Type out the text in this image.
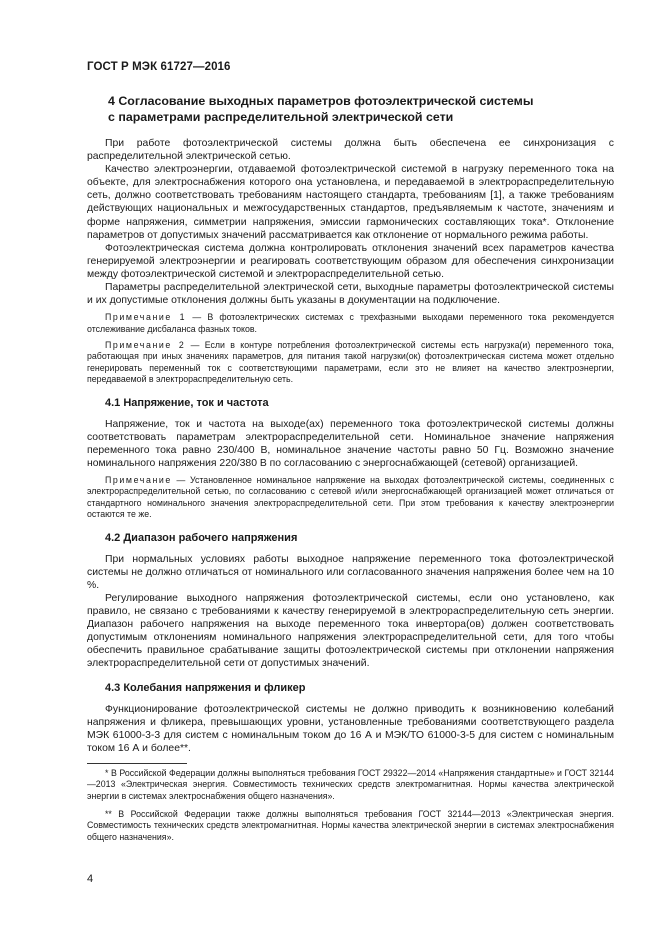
ГОСТ Р МЭК 61727—2016
4 Согласование выходных параметров фотоэлектрической системы
с параметрами распределительной электрической сети

При работе фотоэлектрической системы должна быть обеспечена ее синхронизация с распределительной электрической сетью.

Качество электроэнергии, отдаваемой фотоэлектрической системой в нагрузку переменного тока на объекте, для электроснабжения которого она установлена, и передаваемой в электрораспределительную сеть, должно соответствовать требованиям настоящего стандарта, требованиям [1], а также требованиям действующих национальных и межгосударственных стандартов, предъявляемым к частоте, значениям и форме напряжения, симметрии напряжения, эмиссии гармонических составляющих тока*. Отклонение параметров от допустимых значений рассматривается как отклонение от нормального режима работы.

Фотоэлектрическая система должна контролировать отклонения значений всех параметров качества генерируемой электроэнергии и реагировать соответствующим образом для обеспечения синхронизации между фотоэлектрической системой и электрораспределительной сетью.

Параметры распределительной электрической сети, выходные параметры фотоэлектрической системы и их допустимые отклонения должны быть указаны в документации на подключение.

Примечание 1 — В фотоэлектрических системах с трехфазными выходами переменного тока рекомендуется отслеживание дисбаланса фазных токов.

Примечание 2 — Если в контуре потребления фотоэлектрической системы есть нагрузка(и) переменного тока, работающая при иных значениях параметров, для питания такой нагрузки(ок) фотоэлектрическая система может отдельно генерировать переменный ток с соответствующими параметрами, если это не влияет на качество электроэнергии, передаваемой в электрораспределительную сеть.

4.1 Напряжение, ток и частота

Напряжение, ток и частота на выходе(ах) переменного тока фотоэлектрической системы должны соответствовать параметрам электрораспределительной сети. Номинальное значение напряжения переменного тока равно 230/400 В, номинальное значение частоты равно 50 Гц. Возможно значение номинального напряжения 220/380 В по согласованию с энергоснабжающей (сетевой) организацией.

Примечание — Установленное номинальное напряжение на выходах фотоэлектрической системы, соединенных с электрораспределительной сетью, по согласованию с сетевой и/или энергоснабжающей организацией может отличаться от стандартного номинального значения электрораспределительной сети. При этом требования к качеству электроэнергии остаются те же.

4.2 Диапазон рабочего напряжения

При нормальных условиях работы выходное напряжение переменного тока фотоэлектрической системы не должно отличаться от номинального или согласованного значения напряжения более чем на 10 %.

Регулирование выходного напряжения фотоэлектрической системы, если оно установлено, как правило, не связано с требованиями к качеству генерируемой в электрораспределительную сеть энергии. Диапазон рабочего напряжения на выходе переменного тока инвертора(ов) должен соответствовать допустимым отклонениям номинального напряжения электрораспределительной сети, для того чтобы обеспечить правильное срабатывание защиты фотоэлектрической системы при отклонении напряжения электрораспределительной сети от допустимых значений.

4.3 Колебания напряжения и фликер

Функционирование фотоэлектрической системы не должно приводить к возникновению колебаний напряжения и фликера, превышающих уровни, установленные требованиями соответствующего раздела МЭК 61000-3-3 для систем с номинальным током до 16 А и МЭК/ТО 61000-3-5 для систем с номинальным током 16 А и более**.

* В Российской Федерации должны выполняться требования ГОСТ 29322—2014 «Напряжения стандартные» и ГОСТ 32144—2013 «Электрическая энергия. Совместимость технических средств электромагнитная. Нормы качества электрической энергии в системах электроснабжения общего назначения».

** В Российской Федерации также должны выполняться требования ГОСТ 32144—2013 «Электрическая энергия. Совместимость технических средств электромагнитная. Нормы качества электрической энергии в системах электроснабжения общего назначения».

4
